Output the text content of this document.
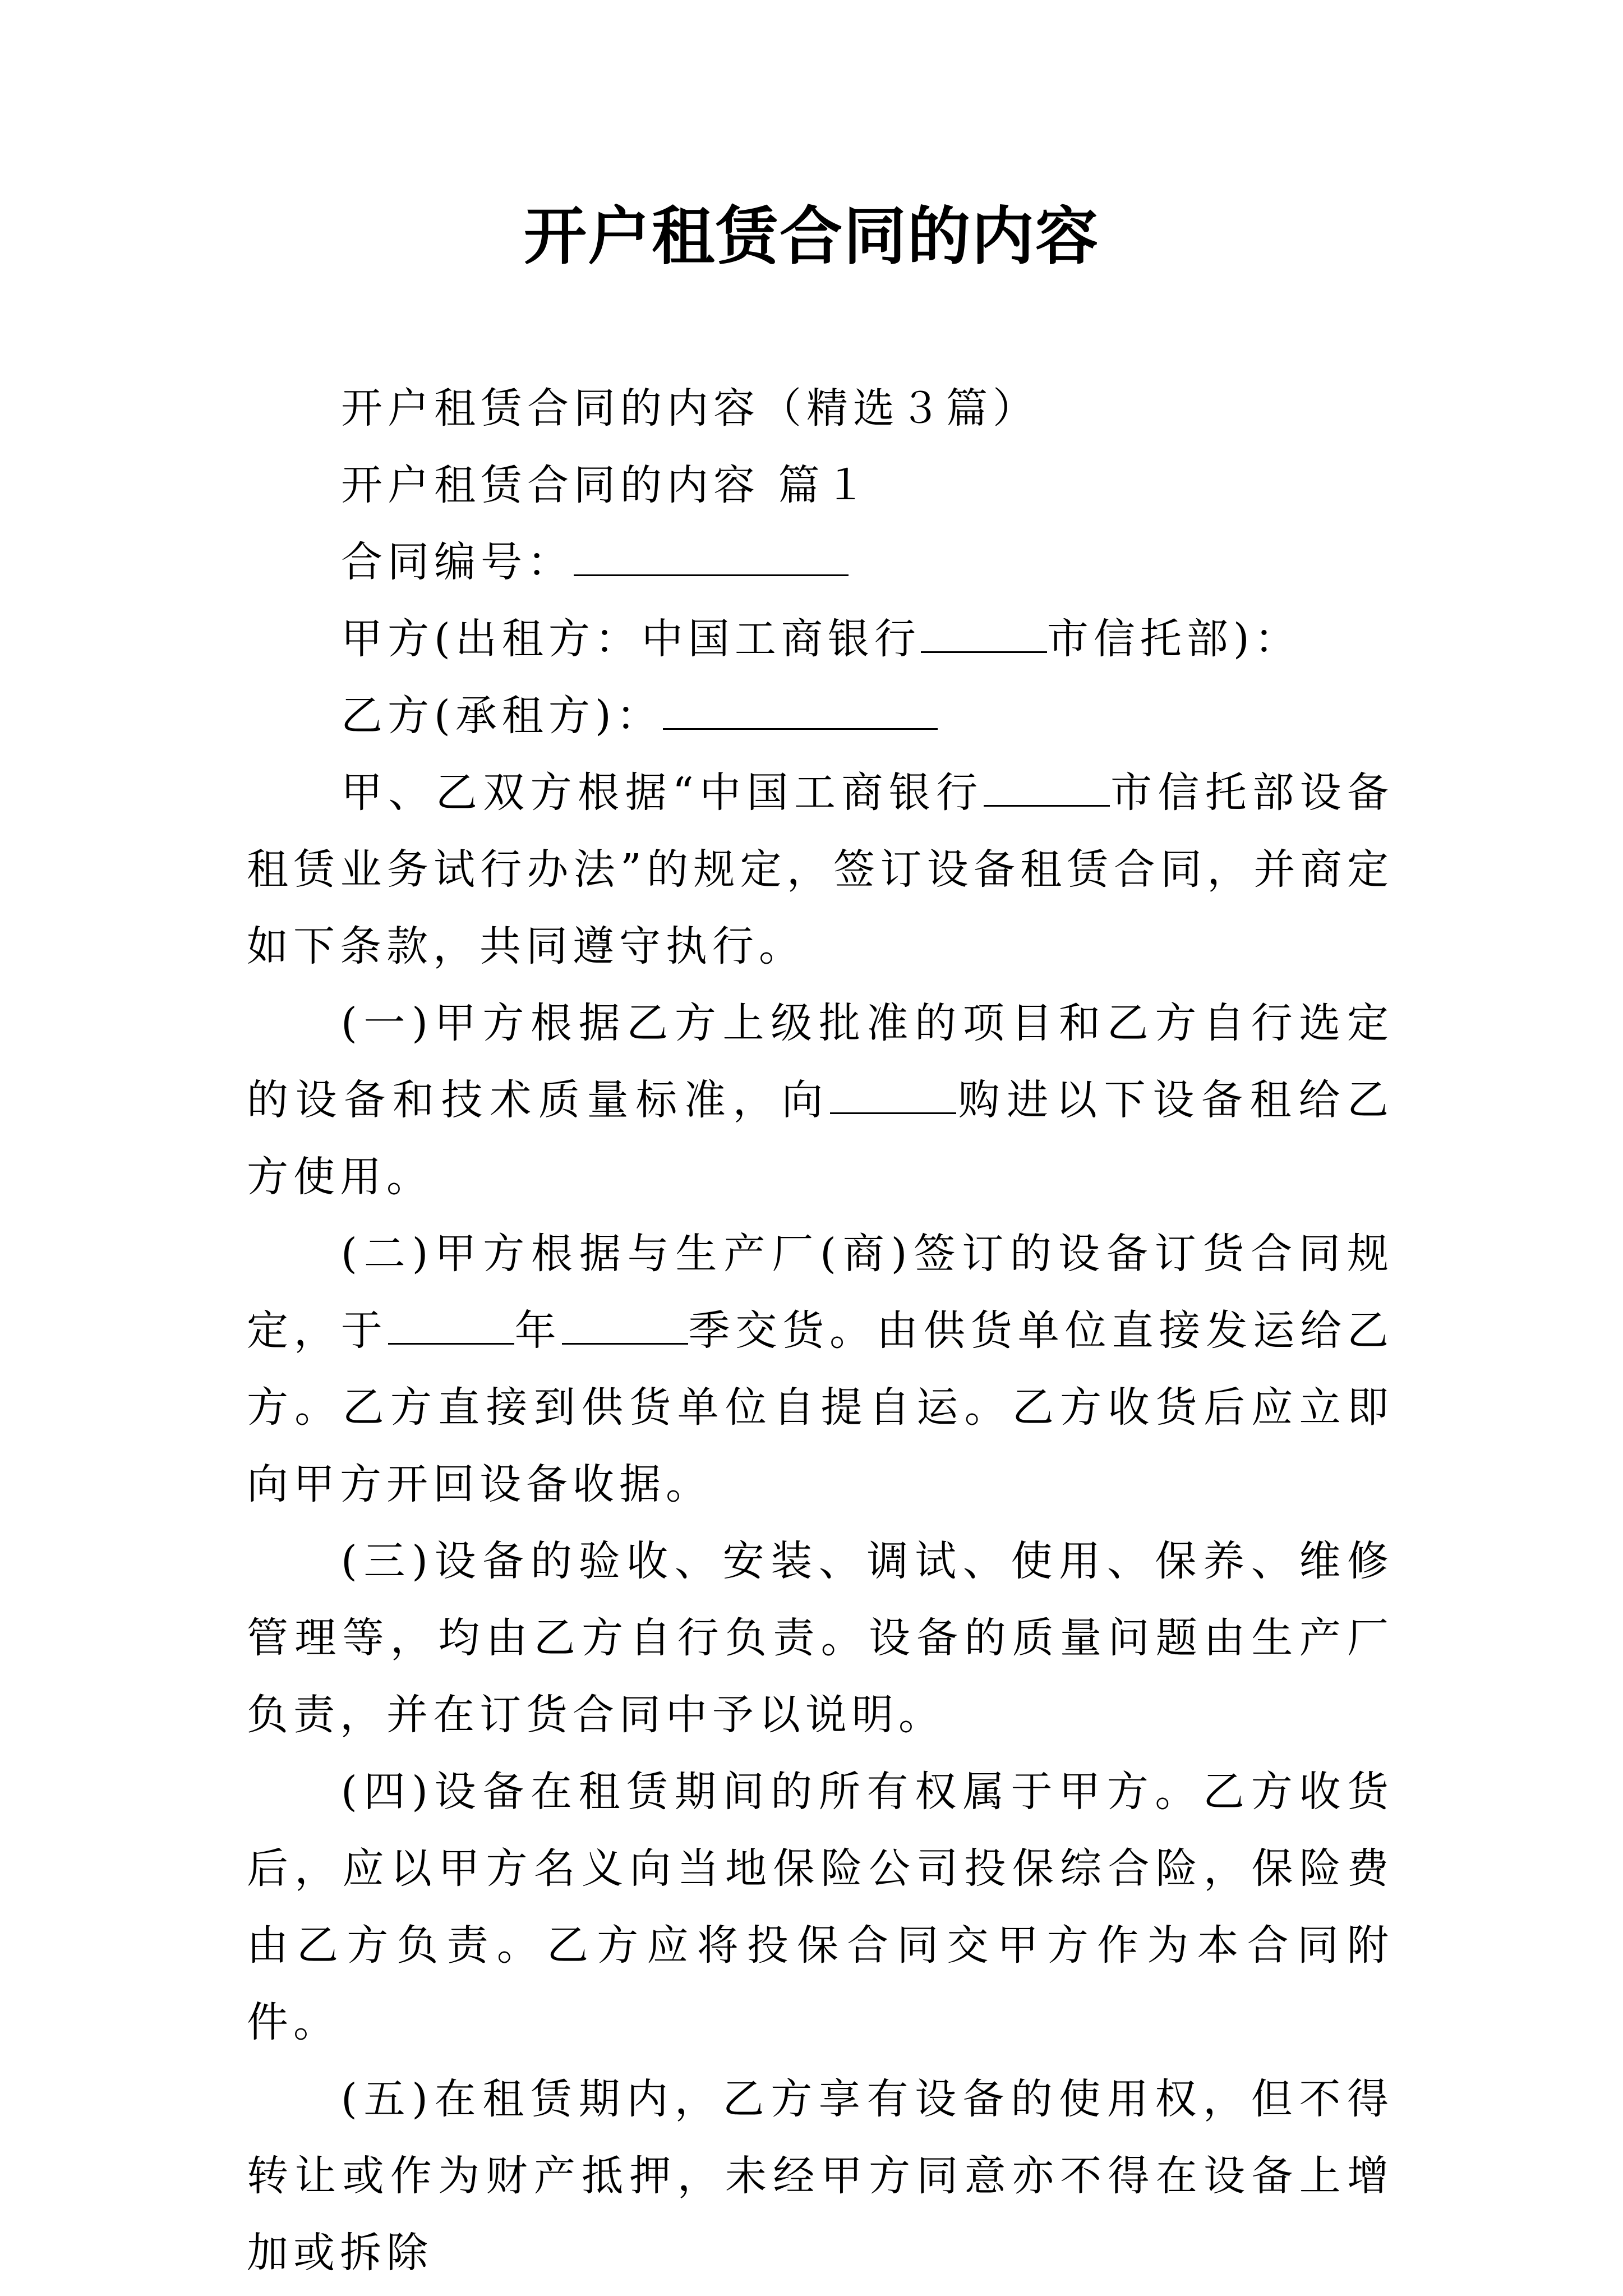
开户租赁合同的内容

开户租赁合同的内容（精选３篇）

开户租赁合同的内容 篇１

合同编号：

甲方(出租方：中国工商银行	市信托部)：

乙方(承租方)：

甲、乙双方根据“中国工商银行	市信托部设备租赁业务试行办法”的规定，签订设备租赁合同，并商定如下条款，共同遵守执行。

(一)甲方根据乙方上级批准的项目和乙方自行选定的设备和技术质量标准，向	购进以下设备租给乙方使用。

(二)甲方根据与生产厂(商)签订的设备订货合同规定，于	年	季交货。由供货单位直接发运给乙方。乙方直接到供货单位自提自运。乙方收货后应立即向甲方开回设备收据。

(三)设备的验收、安装、调试、使用、保养、维修管理等，均由乙方自行负责。设备的质量问题由生产厂负责，并在订货合同中予以说明。

(四)设备在租赁期间的所有权属于甲方。乙方收货后，应以甲方名义向当地保险公司投保综合险，保险费由乙方负责。乙方应将投保合同交甲方作为本合同附件。

(五)在租赁期内，乙方享有设备的使用权，但不得转让或作为财产抵押，未经甲方同意亦不得在设备上增加或拆除
